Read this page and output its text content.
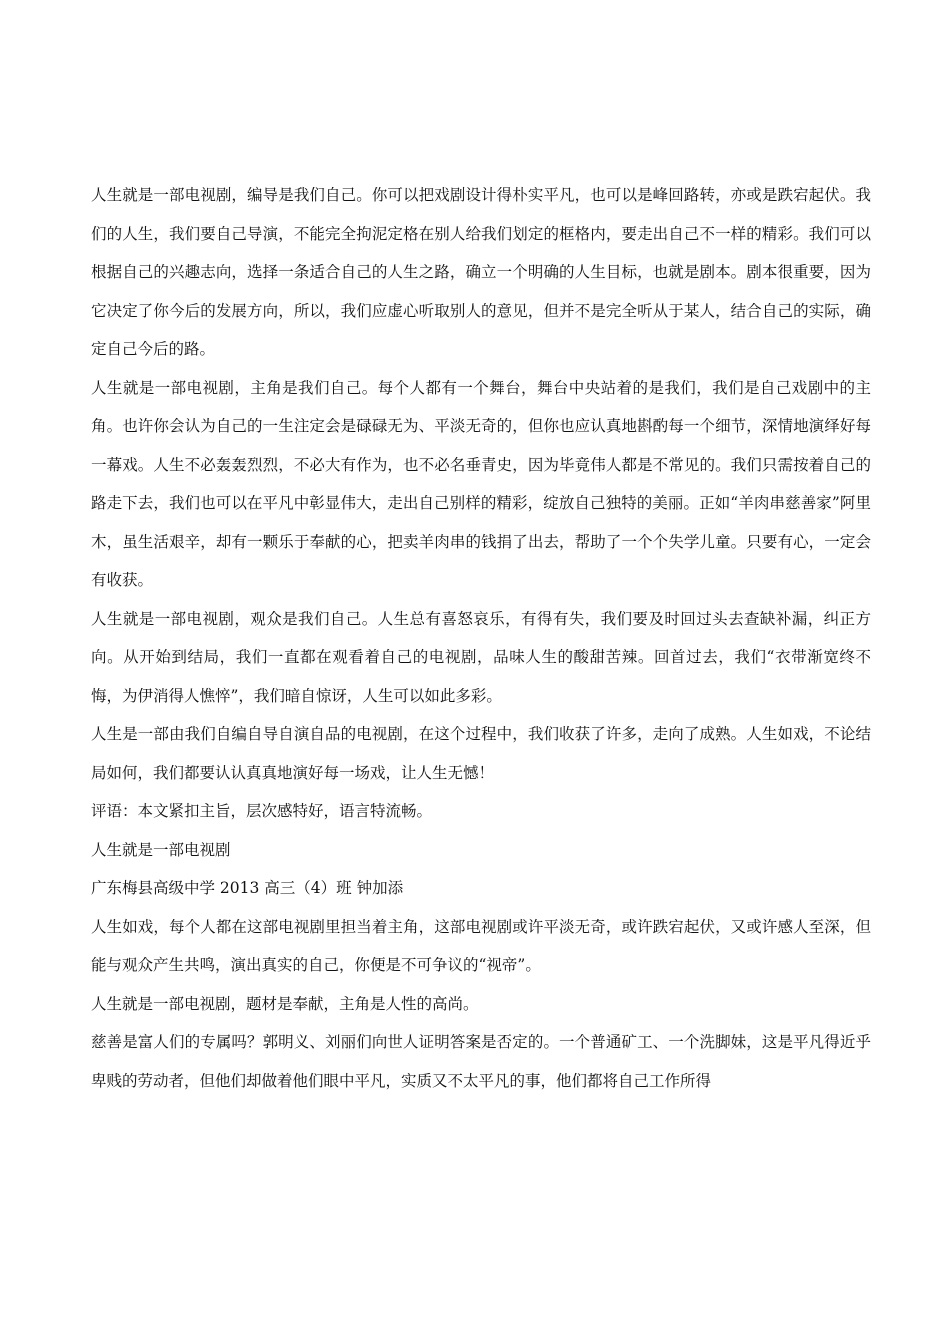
人生就是一部电视剧，编导是我们自己。你可以把戏剧设计得朴实平凡，也可以是峰回路转，亦或是跌宕起伏。我们的人生，我们要自己导演，不能完全拘泥定格在别人给我们划定的框格内，要走出自己不一样的精彩。我们可以根据自己的兴趣志向，选择一条适合自己的人生之路，确立一个明确的人生目标，也就是剧本。剧本很重要，因为它决定了你今后的发展方向，所以，我们应虚心听取别人的意见，但并不是完全听从于某人，结合自己的实际，确定自己今后的路。

人生就是一部电视剧，主角是我们自己。每个人都有一个舞台，舞台中央站着的是我们，我们是自己戏剧中的主角。也许你会认为自己的一生注定会是碌碌无为、平淡无奇的，但你也应认真地斟酌每一个细节，深情地演绎好每一幕戏。人生不必轰轰烈烈，不必大有作为，也不必名垂青史，因为毕竟伟人都是不常见的。我们只需按着自己的路走下去，我们也可以在平凡中彰显伟大，走出自己别样的精彩，绽放自己独特的美丽。正如“羊肉串慈善家”阿里木，虽生活艰辛，却有一颗乐于奉献的心，把卖羊肉串的钱捐了出去，帮助了一个个失学儿童。只要有心，一定会有收获。

人生就是一部电视剧，观众是我们自己。人生总有喜怒哀乐，有得有失，我们要及时回过头去查缺补漏，纠正方向。从开始到结局，我们一直都在观看着自己的电视剧，品味人生的酸甜苦辣。回首过去，我们“衣带渐宽终不悔，为伊消得人憔悴”，我们暗自惊讶，人生可以如此多彩。

人生是一部由我们自编自导自演自品的电视剧，在这个过程中，我们收获了许多，走向了成熟。人生如戏，不论结局如何，我们都要认认真真地演好每一场戏，让人生无憾！

评语：本文紧扣主旨，层次感特好，语言特流畅。

人生就是一部电视剧

广东梅县高级中学 2013 高三（4）班 钟加添

人生如戏，每个人都在这部电视剧里担当着主角，这部电视剧或许平淡无奇，或许跌宕起伏，又或许感人至深，但能与观众产生共鸣，演出真实的自己，你便是不可争议的“视帝”。

人生就是一部电视剧，题材是奉献，主角是人性的高尚。

慈善是富人们的专属吗？郭明义、刘丽们向世人证明答案是否定的。一个普通矿工、一个洗脚妹，这是平凡得近乎卑贱的劳动者，但他们却做着他们眼中平凡，实质又不太平凡的事，他们都将自己工作所得
